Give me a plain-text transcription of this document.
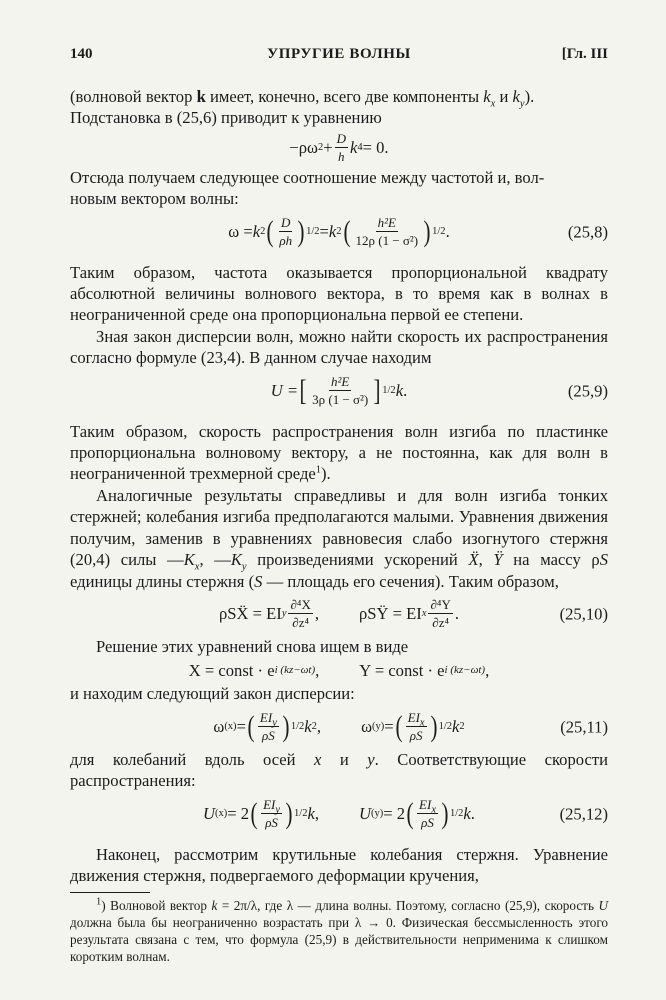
140	УПРУГИЕ ВОЛНЫ	[Гл. III

(волновой вектор k имеет, конечно, всего две компоненты $k_x$ и $k_y$).
Подстановка в (25,6) приводит к уравнению

−ρω $2 + \frac{D}{h}$ k 4 = 0.

Отсюда получаем следующее соотношение между частотой и, вол-
новым вектором волны:

ω = k 2 ( $\frac{D}{\rho h}$ ) 1/2 = k 2 ( $\frac{\text{h²E}}{\text{12ρ (1 − σ²)}}$ ) 1/2 .	(25,8)

Таким образом, частота оказывается пропорциональной квадрату абсолютной величины волнового вектора, в то время как в волнах в неограниченной среде она пропорциональна первой ее степени.

Зная закон дисперсии волн, можно найти скорость их распространения согласно формуле (23,4). В данном случае находим

U = [ $\frac{\text{h²E}}{\text{3ρ (1 − σ²)}}$ ] 1/2 k .	(25,9)

Таким образом, скорость распространения волн изгиба по пластинке пропорциональна волновому вектору, а не постоянна, как для волн в неограниченной трехмерной среде$^1$).

Аналогичные результаты справедливы и для волн изгиба тонких стержней; колебания изгиба предполагаются малыми. Уравнения движения получим, заменив в уравнениях равновесия слабо изогнутого стержня (20,4) силы $—K_x$, $—K_y$ произведениями ускорений Ẍ, Ÿ на массу ρS единицы длины стержня (S — площадь его сечения). Таким образом,

ρSẌ = EI y $\frac{\text{∂⁴X}}{\text{∂z⁴}}$ , ρSŸ = EI x $\frac{\text{∂⁴Y}}{\text{∂z⁴}}$ .	(25,10)

Решение этих уравнений снова ищем в виде

X = const · e i (kz−ωt) , Y = const · e i (kz−ωt) ,

и находим следующий закон дисперсии:

ω (x) = ( $\frac{EI_y}{\rho S}$ ) 1/2 k 2 , ω (y) = ( $\frac{EI_x}{\rho S}$ ) 1/2 k 2	(25,11)

для колебаний вдоль осей x и y. Соответствующие скорости распространения:

U (x) = 2 ( $\frac{EI_y}{\rho S}$ ) 1/2 k , U (y) = 2 ( $\frac{EI_x}{\rho S}$ ) 1/2 k .	(25,12)

Наконец, рассмотрим крутильные колебания стержня. Уравнение движения стержня, подвергаемого деформации кручения,

$^1$) Волновой вектор k = 2π/λ, где λ — длина волны. Поэтому, согласно (25,9), скорость U должна была бы неограниченно возрастать при λ → 0. Физическая бессмысленность этого результата связана с тем, что формула (25,9) в действительности неприменима к слишком коротким волнам.
